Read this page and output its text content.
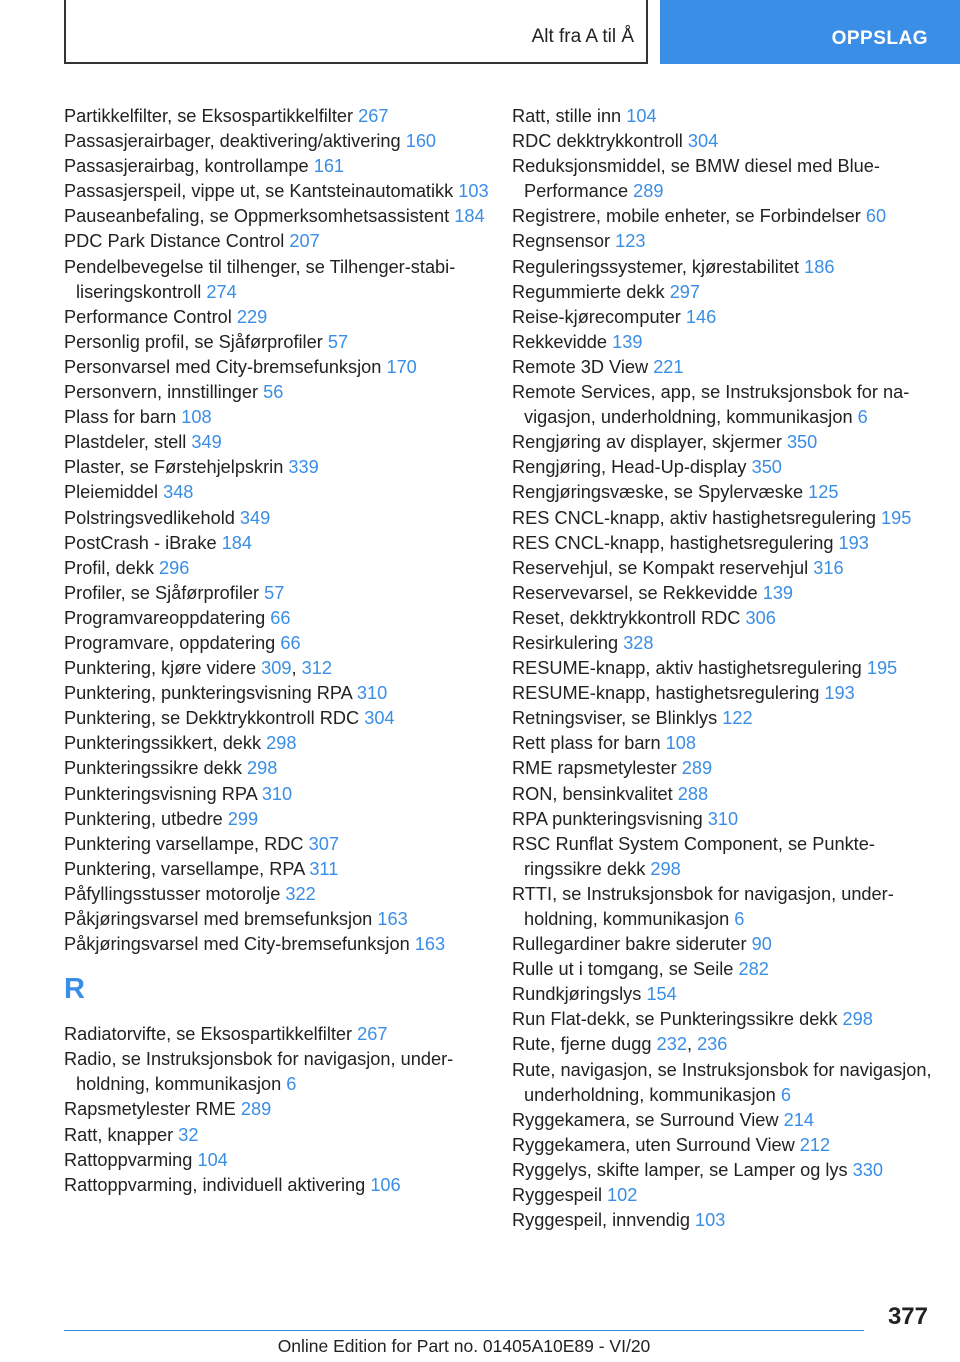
Alt fra A til Å	OPPSLAG
Partikkelfilter, se Eksospartikkelfilter 267
Passasjerairbager, deaktivering/aktivering 160
Passasjerairbag, kontrollampe 161
Passasjerspeil, vippe ut, se Kantsteinautomatikk 103
Pauseanbefaling, se Oppmerksomhetsassistent 184
PDC Park Distance Control 207
Pendelbevegelse til tilhenger, se Tilhenger-stabiliseringskontroll 274
Performance Control 229
Personlig profil, se Sjåførprofiler 57
Personvarsel med City-bremsefunksjon 170
Personvern, innstillinger 56
Plass for barn 108
Plastdeler, stell 349
Plaster, se Førstehjelpskrin 339
Pleiemiddel 348
Polstringsvedlikehold 349
PostCrash - iBrake 184
Profil, dekk 296
Profiler, se Sjåførprofiler 57
Programvareoppdatering 66
Programvare, oppdatering 66
Punktering, kjøre videre 309, 312
Punktering, punkteringsvisning RPA 310
Punktering, se Dekktrykkontroll RDC 304
Punkteringssikkert, dekk 298
Punkteringssikre dekk 298
Punkteringsvisning RPA 310
Punktering, utbedre 299
Punktering varsellampe, RDC 307
Punktering, varsellampe, RPA 311
Påfyllingsstusser motorolje 322
Påkjøringsvarsel med bremsefunksjon 163
Påkjøringsvarsel med City-bremsefunksjon 163
R
Radiatorvifte, se Eksospartikkelfilter 267
Radio, se Instruksjonsbok for navigasjon, underholdning, kommunikasjon 6
Rapsmetylester RME 289
Ratt, knapper 32
Rattoppvarming 104
Rattoppvarming, individuell aktivering 106
Ratt, stille inn 104
RDC dekktrykkontroll 304
Reduksjonsmiddel, se BMW diesel med BluePerformance 289
Registrere, mobile enheter, se Forbindelser 60
Regnsensor 123
Reguleringssystemer, kjørestabilitet 186
Regummierte dekk 297
Reise-kjørecomputer 146
Rekkevidde 139
Remote 3D View 221
Remote Services, app, se Instruksjonsbok for navigasjon, underholdning, kommunikasjon 6
Rengjøring av displayer, skjermer 350
Rengjøring, Head-Up-display 350
Rengjøringsvæske, se Spylervæske 125
RES CNCL-knapp, aktiv hastighetsregulering 195
RES CNCL-knapp, hastighetsregulering 193
Reservehjul, se Kompakt reservehjul 316
Reservevarsel, se Rekkevidde 139
Reset, dekktrykkontroll RDC 306
Resirkulering 328
RESUME-knapp, aktiv hastighetsregulering 195
RESUME-knapp, hastighetsregulering 193
Retningsviser, se Blinklys 122
Rett plass for barn 108
RME rapsmetylester 289
RON, bensinkvalitet 288
RPA punkteringsvisning 310
RSC Runflat System Component, se Punkteringssikre dekk 298
RTTI, se Instruksjonsbok for navigasjon, underholdning, kommunikasjon 6
Rullegardiner bakre sideruter 90
Rulle ut i tomgang, se Seile 282
Rundkjøringslys 154
Run Flat-dekk, se Punkteringssikre dekk 298
Rute, fjerne dugg 232, 236
Rute, navigasjon, se Instruksjonsbok for navigasjon, underholdning, kommunikasjon 6
Ryggekamera, se Surround View 214
Ryggekamera, uten Surround View 212
Ryggelys, skifte lamper, se Lamper og lys 330
Ryggespeil 102
Ryggespeil, innvendig 103
377
Online Edition for Part no. 01405A10E89 - VI/20
